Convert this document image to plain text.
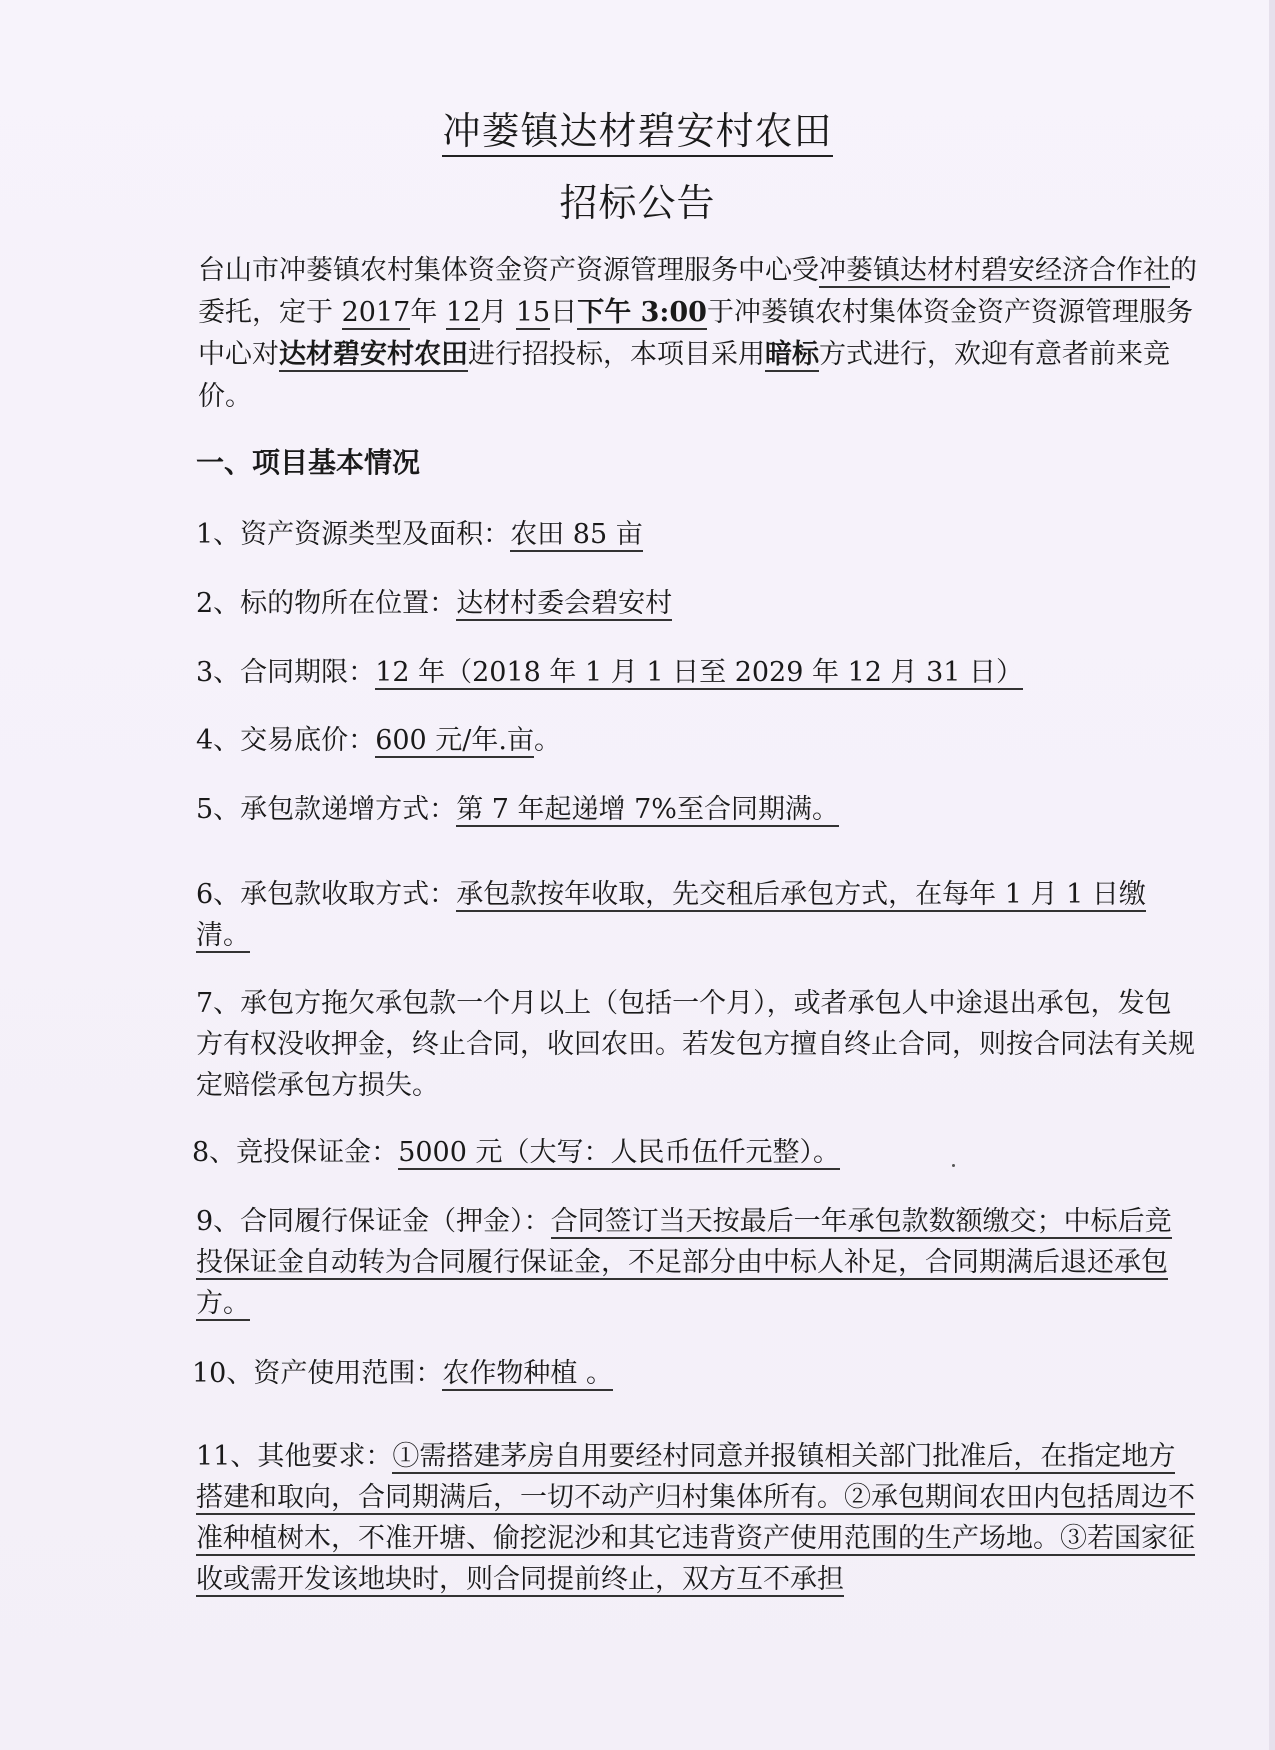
冲蒌镇达材碧安村农田
招标公告
台山市冲蒌镇农村集体资金资产资源管理服务中心受冲蒌镇达材村碧安经济合作社的委托，定于 2017年 12月 15日下午 3:00于冲蒌镇农村集体资金资产资源管理服务中心对达材碧安村农田进行招投标，本项目采用暗标方式进行，欢迎有意者前来竞价。
一、项目基本情况
1、资产资源类型及面积：农田 85 亩
2、标的物所在位置：达材村委会碧安村
3、合同期限：12 年（2018 年 1 月 1 日至 2029 年 12 月 31 日）
4、交易底价：600 元/年.亩。
5、承包款递增方式：第 7 年起递增 7%至合同期满。
6、承包款收取方式：承包款按年收取，先交租后承包方式，在每年 1 月 1 日缴清。
7、承包方拖欠承包款一个月以上（包括一个月），或者承包人中途退出承包，发包方有权没收押金，终止合同，收回农田。若发包方擅自终止合同，则按合同法有关规定赔偿承包方损失。
8、竞投保证金：5000 元（大写：人民币伍仟元整）。
9、合同履行保证金（押金）：合同签订当天按最后一年承包款数额缴交；中标后竞投保证金自动转为合同履行保证金，不足部分由中标人补足，合同期满后退还承包方。
10、资产使用范围：农作物种植 。
11、其他要求：①需搭建茅房自用要经村同意并报镇相关部门批准后，在指定地方搭建和取向，合同期满后，一切不动产归村集体所有。②承包期间农田内包括周边不准种植树木，不准开塘、偷挖泥沙和其它违背资产使用范围的生产场地。③若国家征收或需开发该地块时，则合同提前终止，双方互不承担
